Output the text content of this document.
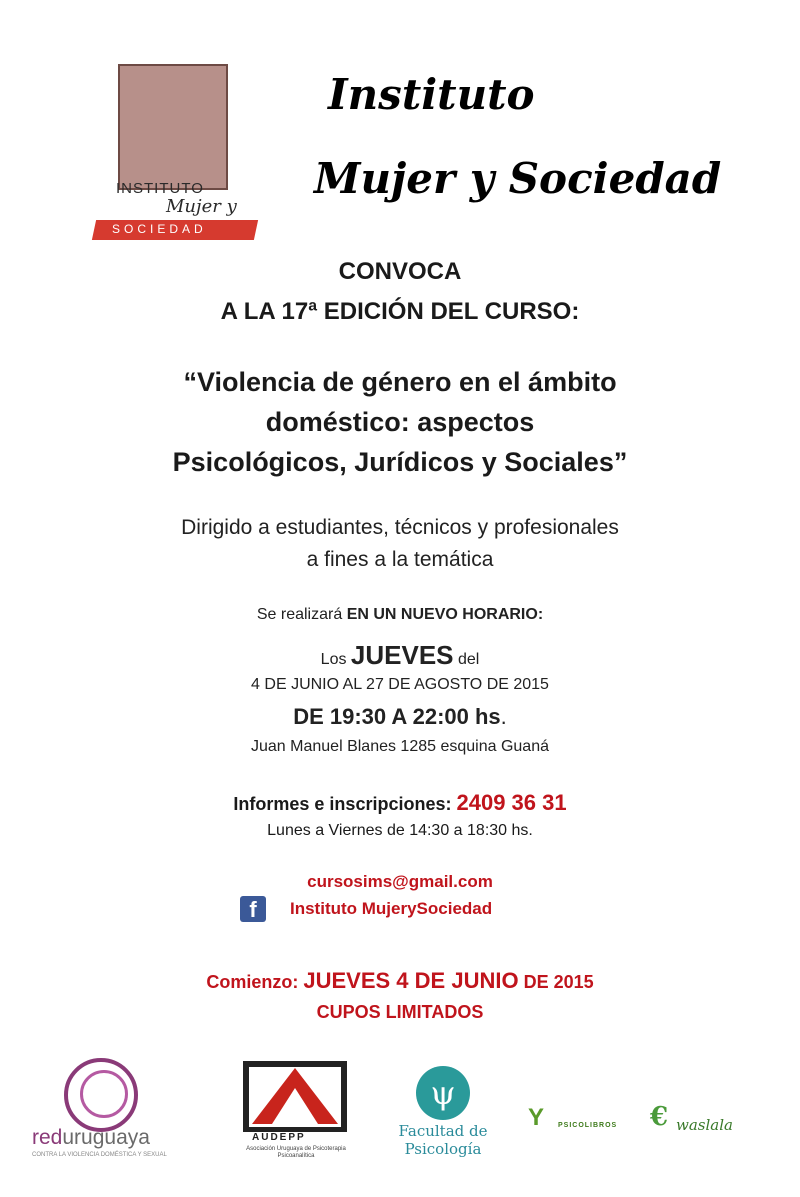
INSTITUTO
Mujer y
SOCIEDAD
Instituto
Mujer y Sociedad
CONVOCA
A LA 17ª EDICIÓN DEL CURSO:
“Violencia de género en el ámbito
doméstico: aspectos
Psicológicos, Jurídicos y Sociales”
Dirigido a estudiantes, técnicos y profesionales
a fines a la temática
Se realizará EN UN NUEVO HORARIO:
Los JUEVES del
4 DE JUNIO AL 27 DE AGOSTO DE 2015
DE 19:30 A 22:00 hs.
Juan Manuel Blanes 1285 esquina Guaná
Informes e inscripciones: 2409 36 31
Lunes a Viernes de 14:30 a 18:30 hs.
cursosims@gmail.com
f Instituto MujerySociedad
Comienzo: JUEVES 4 DE JUNIO DE 2015
CUPOS LIMITADOS
reduruguaya
CONTRA LA VIOLENCIA DOMÉSTICA Y SEXUAL
AUDEPP
Asociación Uruguaya de Psicoterapia Psicoanalítica
ψ
Facultad de
Psicología
Y PSICOLIBROS € waslala
